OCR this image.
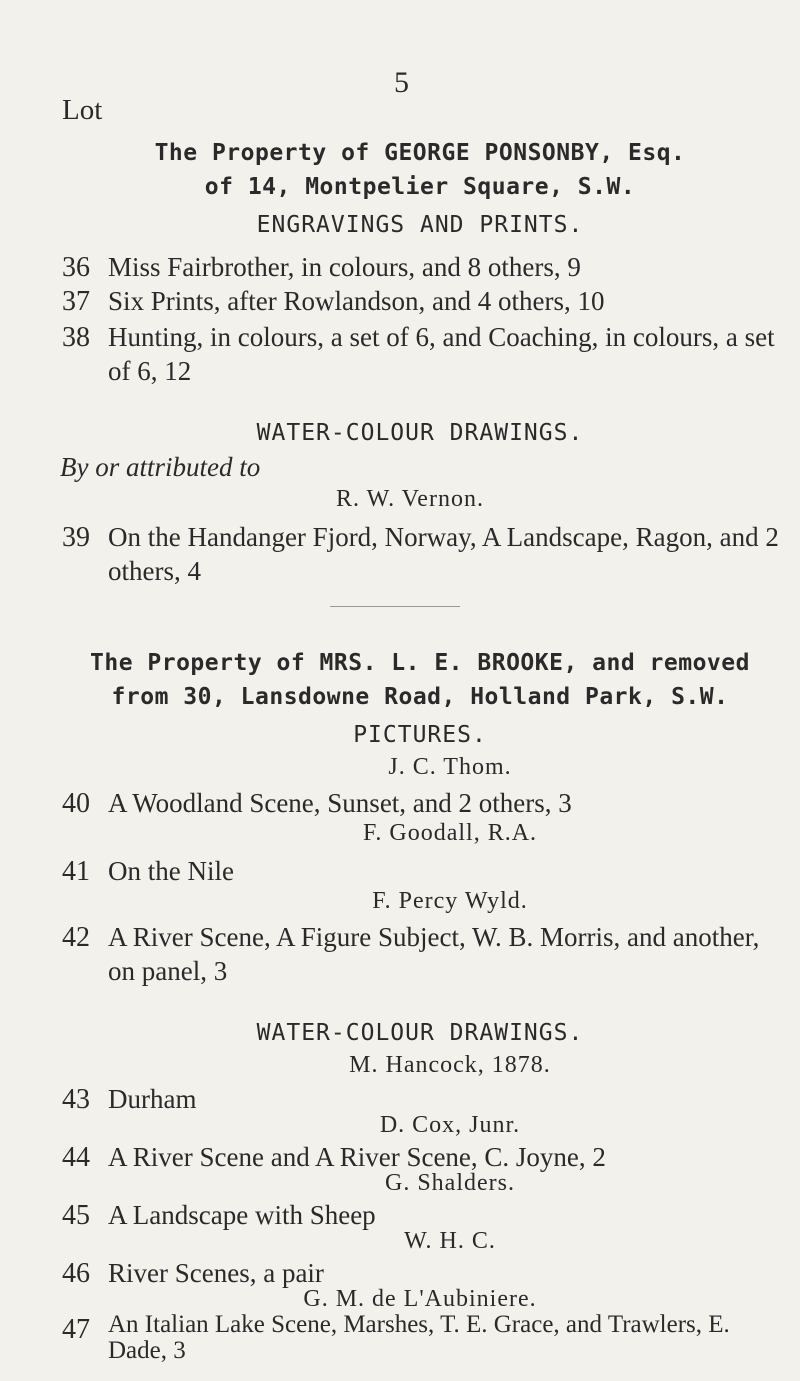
5
Lot
The Property of GEORGE PONSONBY, Esq.
of 14, Montpelier Square, S.W.
ENGRAVINGS AND PRINTS.
36 Miss Fairbrother, in colours, and 8 others, 9
37 Six Prints, after Rowlandson, and 4 others, 10
38 Hunting, in colours, a set of 6, and Coaching, in colours, a set of 6, 12
WATER-COLOUR DRAWINGS.
By or attributed to
R. W. Vernon.
39 On the Handanger Fjord, Norway, A Landscape, Ragon, and 2 others, 4
The Property of MRS. L. E. BROOKE, and removed
from 30, Lansdowne Road, Holland Park, S.W.
PICTURES.
J. C. Thom.
40 A Woodland Scene, Sunset, and 2 others, 3
F. Goodall, R.A.
41 On the Nile
F. Percy Wyld.
42 A River Scene, A Figure Subject, W. B. Morris, and another, on panel, 3
WATER-COLOUR DRAWINGS.
M. Hancock, 1878.
43 Durham
D. Cox, Junr.
44 A River Scene and A River Scene, C. Joyne, 2
G. Shalders.
45 A Landscape with Sheep
W. H. C.
46 River Scenes, a pair
G. M. de L'Aubiniere.
47 An Italian Lake Scene, Marshes, T. E. Grace, and Trawlers, E. Dade, 3
